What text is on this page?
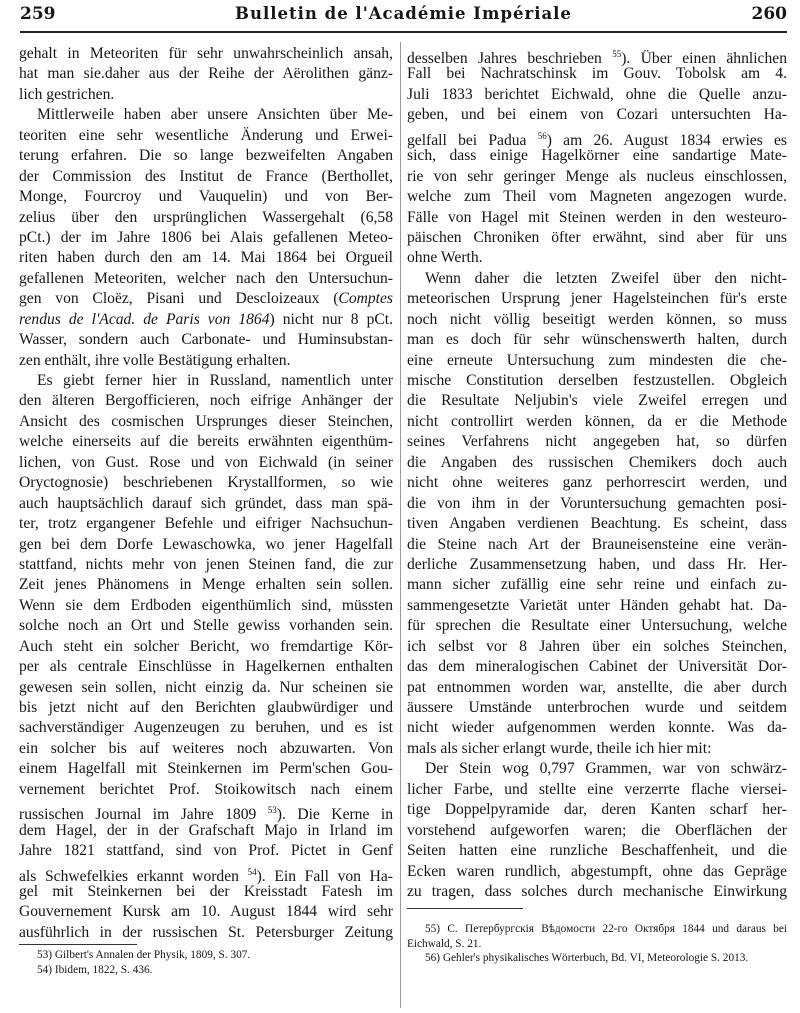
259	Bulletin de l'Académie Impériale	260
gehalt in Meteoriten für sehr unwahrscheinlich ansah,
hat man sie.daher aus der Reihe der Aërolithen gänz-
lich gestrichen.
Mittlerweile haben aber unsere Ansichten über Me-
teoriten eine sehr wesentliche Änderung und Erwei-
terung erfahren. Die so lange bezweifelten Angaben
der Commission des Institut de France (Berthollet,
Monge, Fourcroy und Vauquelin) und von Ber-
zelius über den ursprünglichen Wassergehalt (6,58
pCt.) der im Jahre 1806 bei Alais gefallenen Meteo-
riten haben durch den am 14. Mai 1864 bei Orgueil
gefallenen Meteoriten, welcher nach den Untersuchun-
gen von Cloëz, Pisani und Descloizeaux (Comptes
rendus de l'Acad. de Paris von 1864) nicht nur 8 pCt.
Wasser, sondern auch Carbonate- und Huminsubstan-
zen enthält, ihre volle Bestätigung erhalten.
Es giebt ferner hier in Russland, namentlich unter
den älteren Bergofficieren, noch eifrige Anhänger der
Ansicht des cosmischen Ursprunges dieser Steinchen,
welche einerseits auf die bereits erwähnten eigenthüm-
lichen, von Gust. Rose und von Eichwald (in seiner
Oryctognosie) beschriebenen Krystallformen, so wie
auch hauptsächlich darauf sich gründet, dass man spä-
ter, trotz ergangener Befehle und eifriger Nachsuchun-
gen bei dem Dorfe Lewaschowka, wo jener Hagelfall
stattfand, nichts mehr von jenen Steinen fand, die zur
Zeit jenes Phänomens in Menge erhalten sein sollen.
Wenn sie dem Erdboden eigenthümlich sind, müssten
solche noch an Ort und Stelle gewiss vorhanden sein.
Auch steht ein solcher Bericht, wo fremdartige Kör-
per als centrale Einschlüsse in Hagelkernen enthalten
gewesen sein sollen, nicht einzig da. Nur scheinen sie
bis jetzt nicht auf den Berichten glaubwürdiger und
sachverständiger Augenzeugen zu beruhen, und es ist
ein solcher bis auf weiteres noch abzuwarten. Von
einem Hagelfall mit Steinkernen im Perm'schen Gou-
vernement berichtet Prof. Stoikowitsch nach einem
russischen Journal im Jahre 1809 $^{53}$). Die Kerne in
dem Hagel, der in der Grafschaft Majo in Irland im
Jahre 1821 stattfand, sind von Prof. Pictet in Genf
als Schwefelkies erkannt worden $^{54}$). Ein Fall von Ha-
gel mit Steinkernen bei der Kreisstadt Fatesh im
Gouvernement Kursk am 10. August 1844 wird sehr
ausführlich in der russischen St. Petersburger Zeitung
desselben Jahres beschrieben $^{55}$). Über einen ähnlichen
Fall bei Nachratschinsk im Gouv. Tobolsk am 4.
Juli 1833 berichtet Eichwald, ohne die Quelle anzu-
geben, und bei einem von Cozari untersuchten Ha-
gelfall bei Padua $^{56}$) am 26. August 1834 erwies es
sich, dass einige Hagelkörner eine sandartige Mate-
rie von sehr geringer Menge als nucleus einschlossen,
welche zum Theil vom Magneten angezogen wurde.
Fälle von Hagel mit Steinen werden in den westeuro-
päischen Chroniken öfter erwähnt, sind aber für uns
ohne Werth.
Wenn daher die letzten Zweifel über den nicht-
meteorischen Ursprung jener Hagelsteinchen für's erste
noch nicht völlig beseitigt werden können, so muss
man es doch für sehr wünschenswerth halten, durch
eine erneute Untersuchung zum mindesten die che-
mische Constitution derselben festzustellen. Obgleich
die Resultate Neljubin's viele Zweifel erregen und
nicht controllirt werden können, da er die Methode
seines Verfahrens nicht angegeben hat, so dürfen
die Angaben des russischen Chemikers doch auch
nicht ohne weiteres ganz perhorrescirt werden, und
die von ihm in der Voruntersuchung gemachten posi-
tiven Angaben verdienen Beachtung. Es scheint, dass
die Steine nach Art der Brauneisensteine eine verän-
derliche Zusammensetzung haben, und dass Hr. Her-
mann sicher zufällig eine sehr reine und einfach zu-
sammengesetzte Varietät unter Händen gehabt hat. Da-
für sprechen die Resultate einer Untersuchung, welche
ich selbst vor 8 Jahren über ein solches Steinchen,
das dem mineralogischen Cabinet der Universität Dor-
pat entnommen worden war, anstellte, die aber durch
äussere Umstände unterbrochen wurde und seitdem
nicht wieder aufgenommen werden konnte. Was da-
mals als sicher erlangt wurde, theile ich hier mit:
Der Stein wog 0,797 Grammen, war von schwärz-
licher Farbe, und stellte eine verzerrte flache viersei-
tige Doppelpyramide dar, deren Kanten scharf her-
vorstehend aufgeworfen waren; die Oberflächen der
Seiten hatten eine runzliche Beschaffenheit, und die
Ecken waren rundlich, abgestumpft, ohne das Gepräge
zu tragen, dass solches durch mechanische Einwirkung
53) Gilbert's Annalen der Physik, 1809, S. 307.
54) Ibidem, 1822, S. 436.
55) С. Петербургскія Вѣдомости 22-го Октября 1844 und daraus bei Eichwald, S. 21.
56) Gehler's physikalisches Wörterbuch, Bd. VI, Meteorologie S. 2013.
